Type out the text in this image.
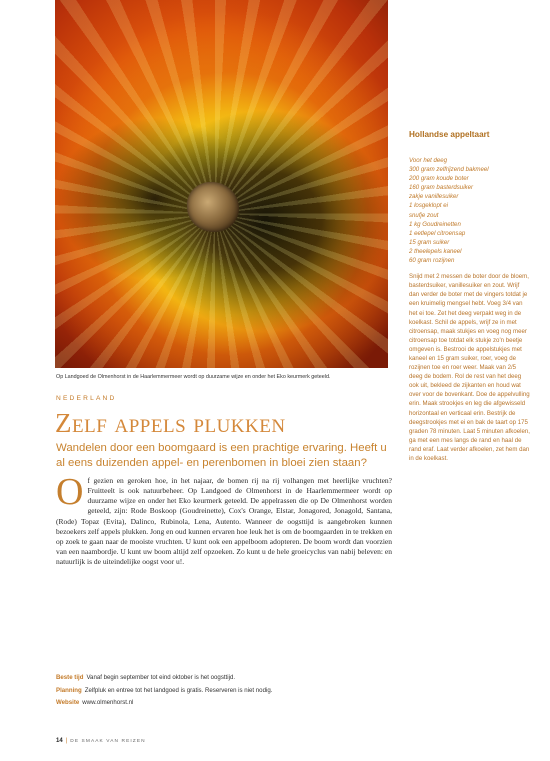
Op Landgoed de Olmenhorst in de Haarlemmermeer wordt op duurzame wijze en onder het Eko keurmerk geteeld.
Hollandse appeltaart
Voor het deeg
300 gram zelfrijzend bakmeel
200 gram koude boter
160 gram basterdsuiker
zakje vanillesuiker
1 losgeklopt ei
snufje zout
1 kg Goudreinetten
1 eetlepel citroensap
15 gram suiker
2 theelepels kaneel
60 gram rozijnen
Snijd met 2 messen de boter door de bloem, basterdsuiker, vanillesuiker en zout. Wrijf dan verder de boter met de vingers totdat je een kruimelig mengsel hebt. Voeg 3/4 van het ei toe. Zet het deeg verpakt weg in de koelkast. Schil de appels, wrijf ze in met citroensap, maak stukjes en voeg nog meer citroensap toe totdat elk stukje zo'n beetje omgeven is. Bestrooi de appelstukjes met kaneel en 15 gram suiker, roer, voeg de rozijnen toe en roer weer. Maak van 2/5 deeg de bodem. Rol de rest van het deeg ook uit, bekleed de zijkanten en houd wat over voor de bovenkant. Doe de appelvulling erin. Maak strookjes en leg die afgewisseld horizontaal en verticaal erin. Bestrijk de deegstrookjes met ei en bak de taart op 175 graden 78 minuten. Laat 5 minuten afkoelen, ga met een mes langs de rand en haal de rand eraf. Laat verder afkoelen, zet hem dan in de koelkast.
NEDERLAND
Zelf appels plukken
Wandelen door een boomgaard is een prachtige ervaring. Heeft u al eens duizenden appel- en perenbomen in bloei zien staan?
Of gezien en geroken hoe, in het najaar, de bomen rij na rij volhangen met heerlijke vruchten? Fruitteelt is ook natuurbeheer. Op Landgoed de Olmenhorst in de Haarlemmermeer wordt op duurzame wijze en onder het Eko keurmerk geteeld. De appelrassen die op De Olmenhorst worden geteeld, zijn: Rode Boskoop (Goudreinette), Cox's Orange, Elstar, Jonagored, Jonagold, Santana, (Rode) Topaz (Evita), Dalinco, Rubinola, Lena, Autento. Wanneer de oogsttijd is aangebroken kunnen bezoekers zelf appels plukken. Jong en oud kunnen ervaren hoe leuk het is om de boomgaarden in te trekken en op zoek te gaan naar de mooiste vruchten. U kunt ook een appelboom adopteren. De boom wordt dan voorzien van een naambordje. U kunt uw boom altijd zelf opzoeken. Zo kunt u de hele groeicyclus van nabij beleven: en natuurlijk is de uiteindelijke oogst voor u!.
Beste tijd Vanaf begin september tot eind oktober is het oogsttijd.
Planning Zelfpluk en entree tot het landgoed is gratis. Reserveren is niet nodig.
Website www.olmenhorst.nl
14 | DE SMAAK VAN REIZEN
